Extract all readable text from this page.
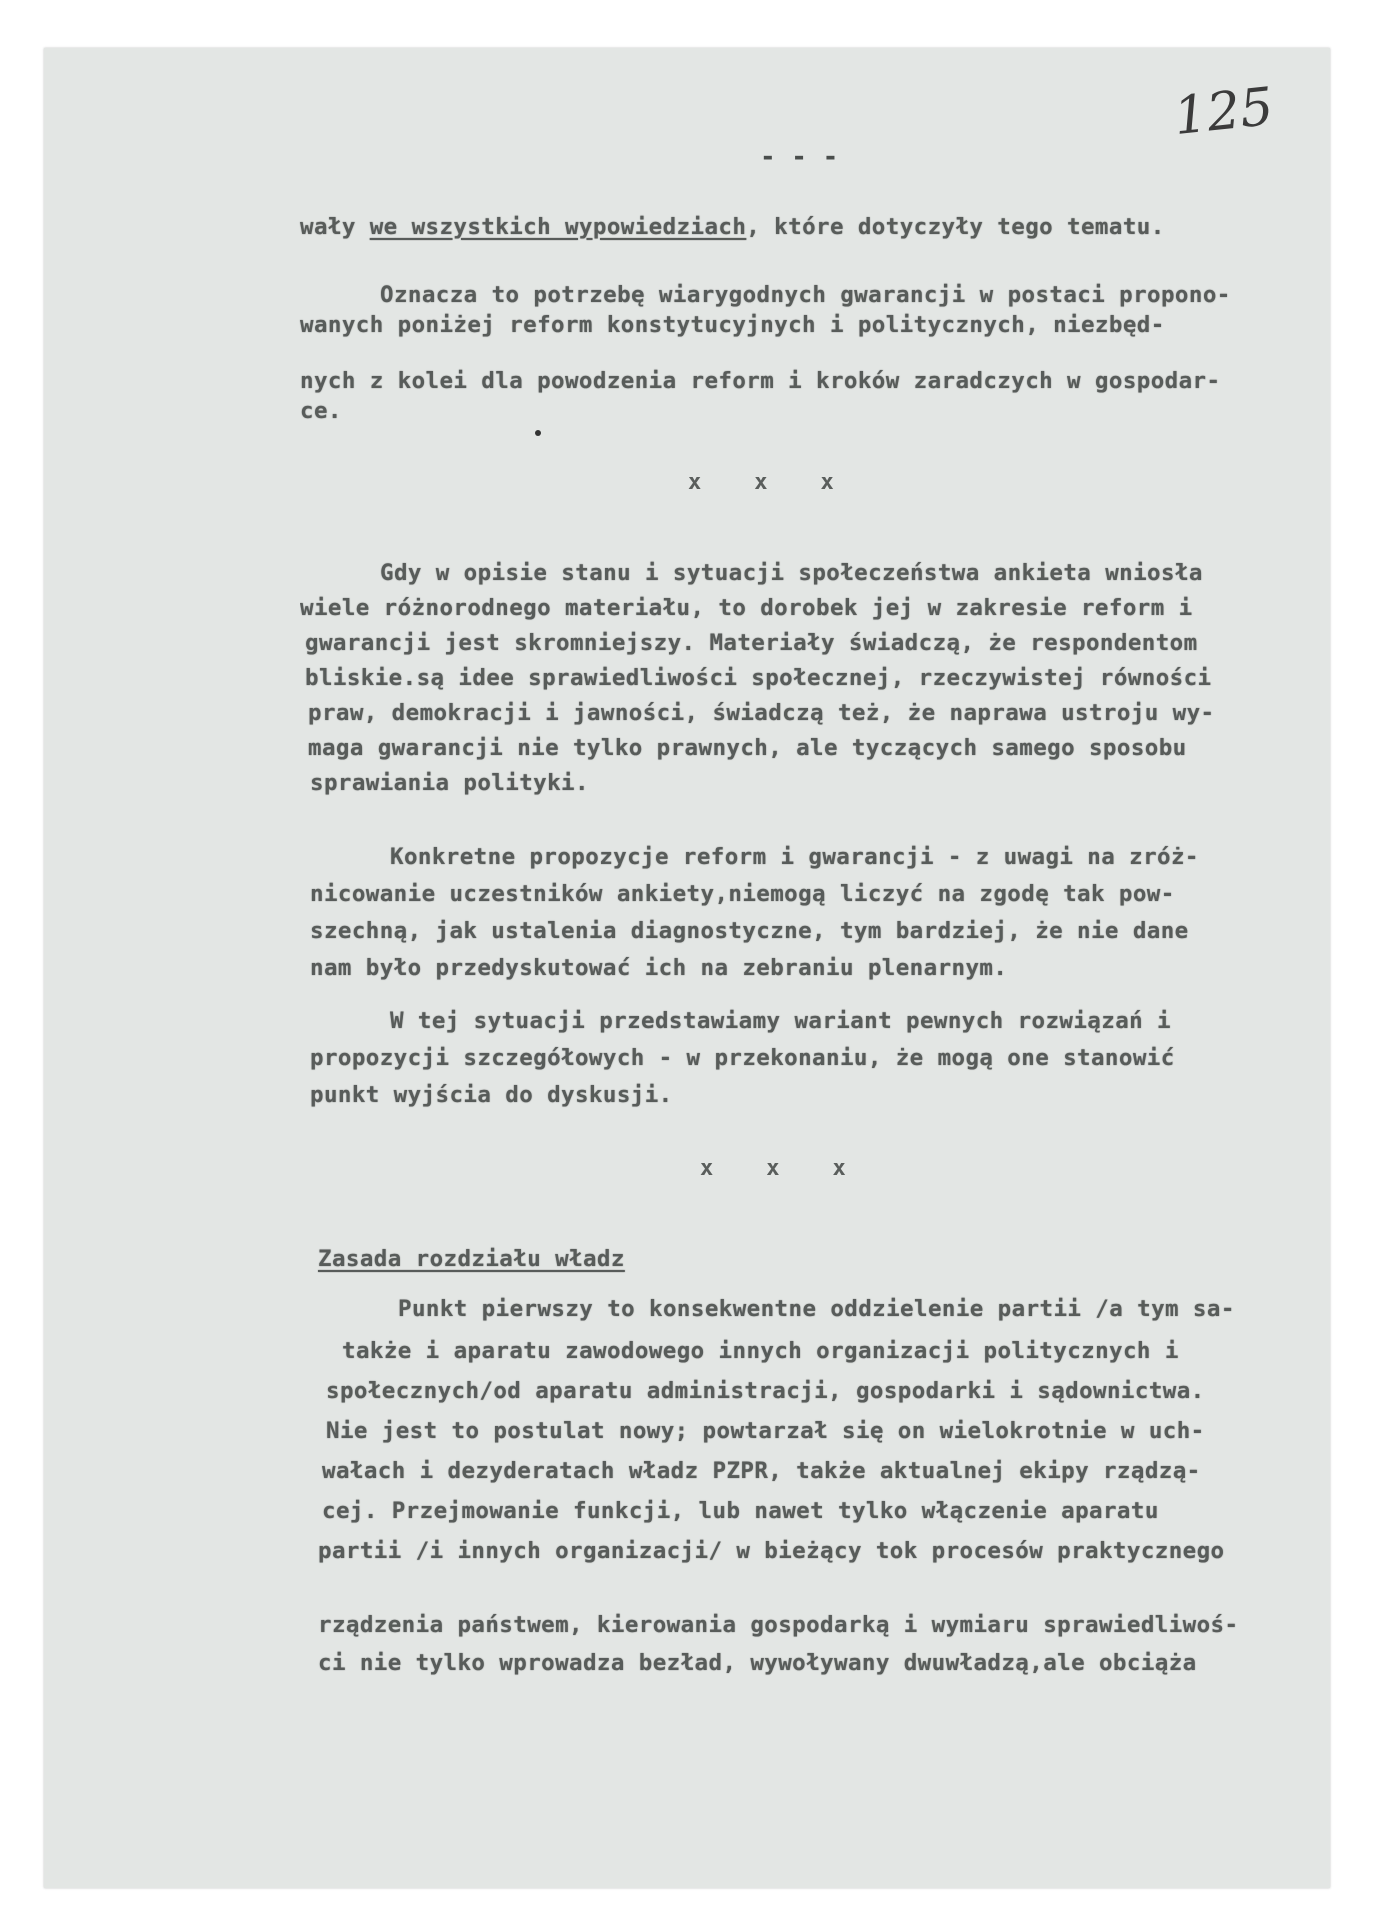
125
- - -

wały we wszystkich wypowiedziach, które dotyczyły tego tematu.

Oznacza to potrzebę wiarygodnych gwarancji w postaci propono-

wanych poniżej reform konstytucyjnych i politycznych, niezbęd-

nych z kolei dla powodzenia reform i kroków zaradczych w gospodar-

ce.

x    x    x

Gdy w opisie stanu i sytuacji społeczeństwa ankieta wniosła

wiele różnorodnego materiału, to dorobek jej w zakresie reform i

gwarancji jest skromniejszy. Materiały świadczą, że respondentom

bliskie.są idee sprawiedliwości społecznej, rzeczywistej równości

praw, demokracji i jawności, świadczą też, że naprawa ustroju wy-

maga gwarancji nie tylko prawnych, ale tyczących samego sposobu

sprawiania polityki.

Konkretne propozycje reform i gwarancji - z uwagi na zróż-

nicowanie uczestników ankiety,niemogą liczyć na zgodę tak pow-

szechną, jak ustalenia diagnostyczne, tym bardziej, że nie dane

nam było przedyskutować ich na zebraniu plenarnym.

W tej sytuacji przedstawiamy wariant pewnych rozwiązań i

propozycji szczegółowych - w przekonaniu, że mogą one stanowić

punkt wyjścia do dyskusji.

x    x    x

Zasada rozdziału władz

Punkt pierwszy to konsekwentne oddzielenie partii /a tym sa-

także i aparatu zawodowego innych organizacji politycznych i

społecznych/od aparatu administracji, gospodarki i sądownictwa.

Nie jest to postulat nowy; powtarzał się on wielokrotnie w uch-

wałach i dezyderatach władz PZPR, także aktualnej ekipy rządzą-

cej. Przejmowanie funkcji, lub nawet tylko włączenie aparatu

partii /i innych organizacji/ w bieżący tok procesów praktycznego

rządzenia państwem, kierowania gospodarką i wymiaru sprawiedliwoś-

ci nie tylko wprowadza bezład, wywoływany dwuwładzą,ale obciąża
